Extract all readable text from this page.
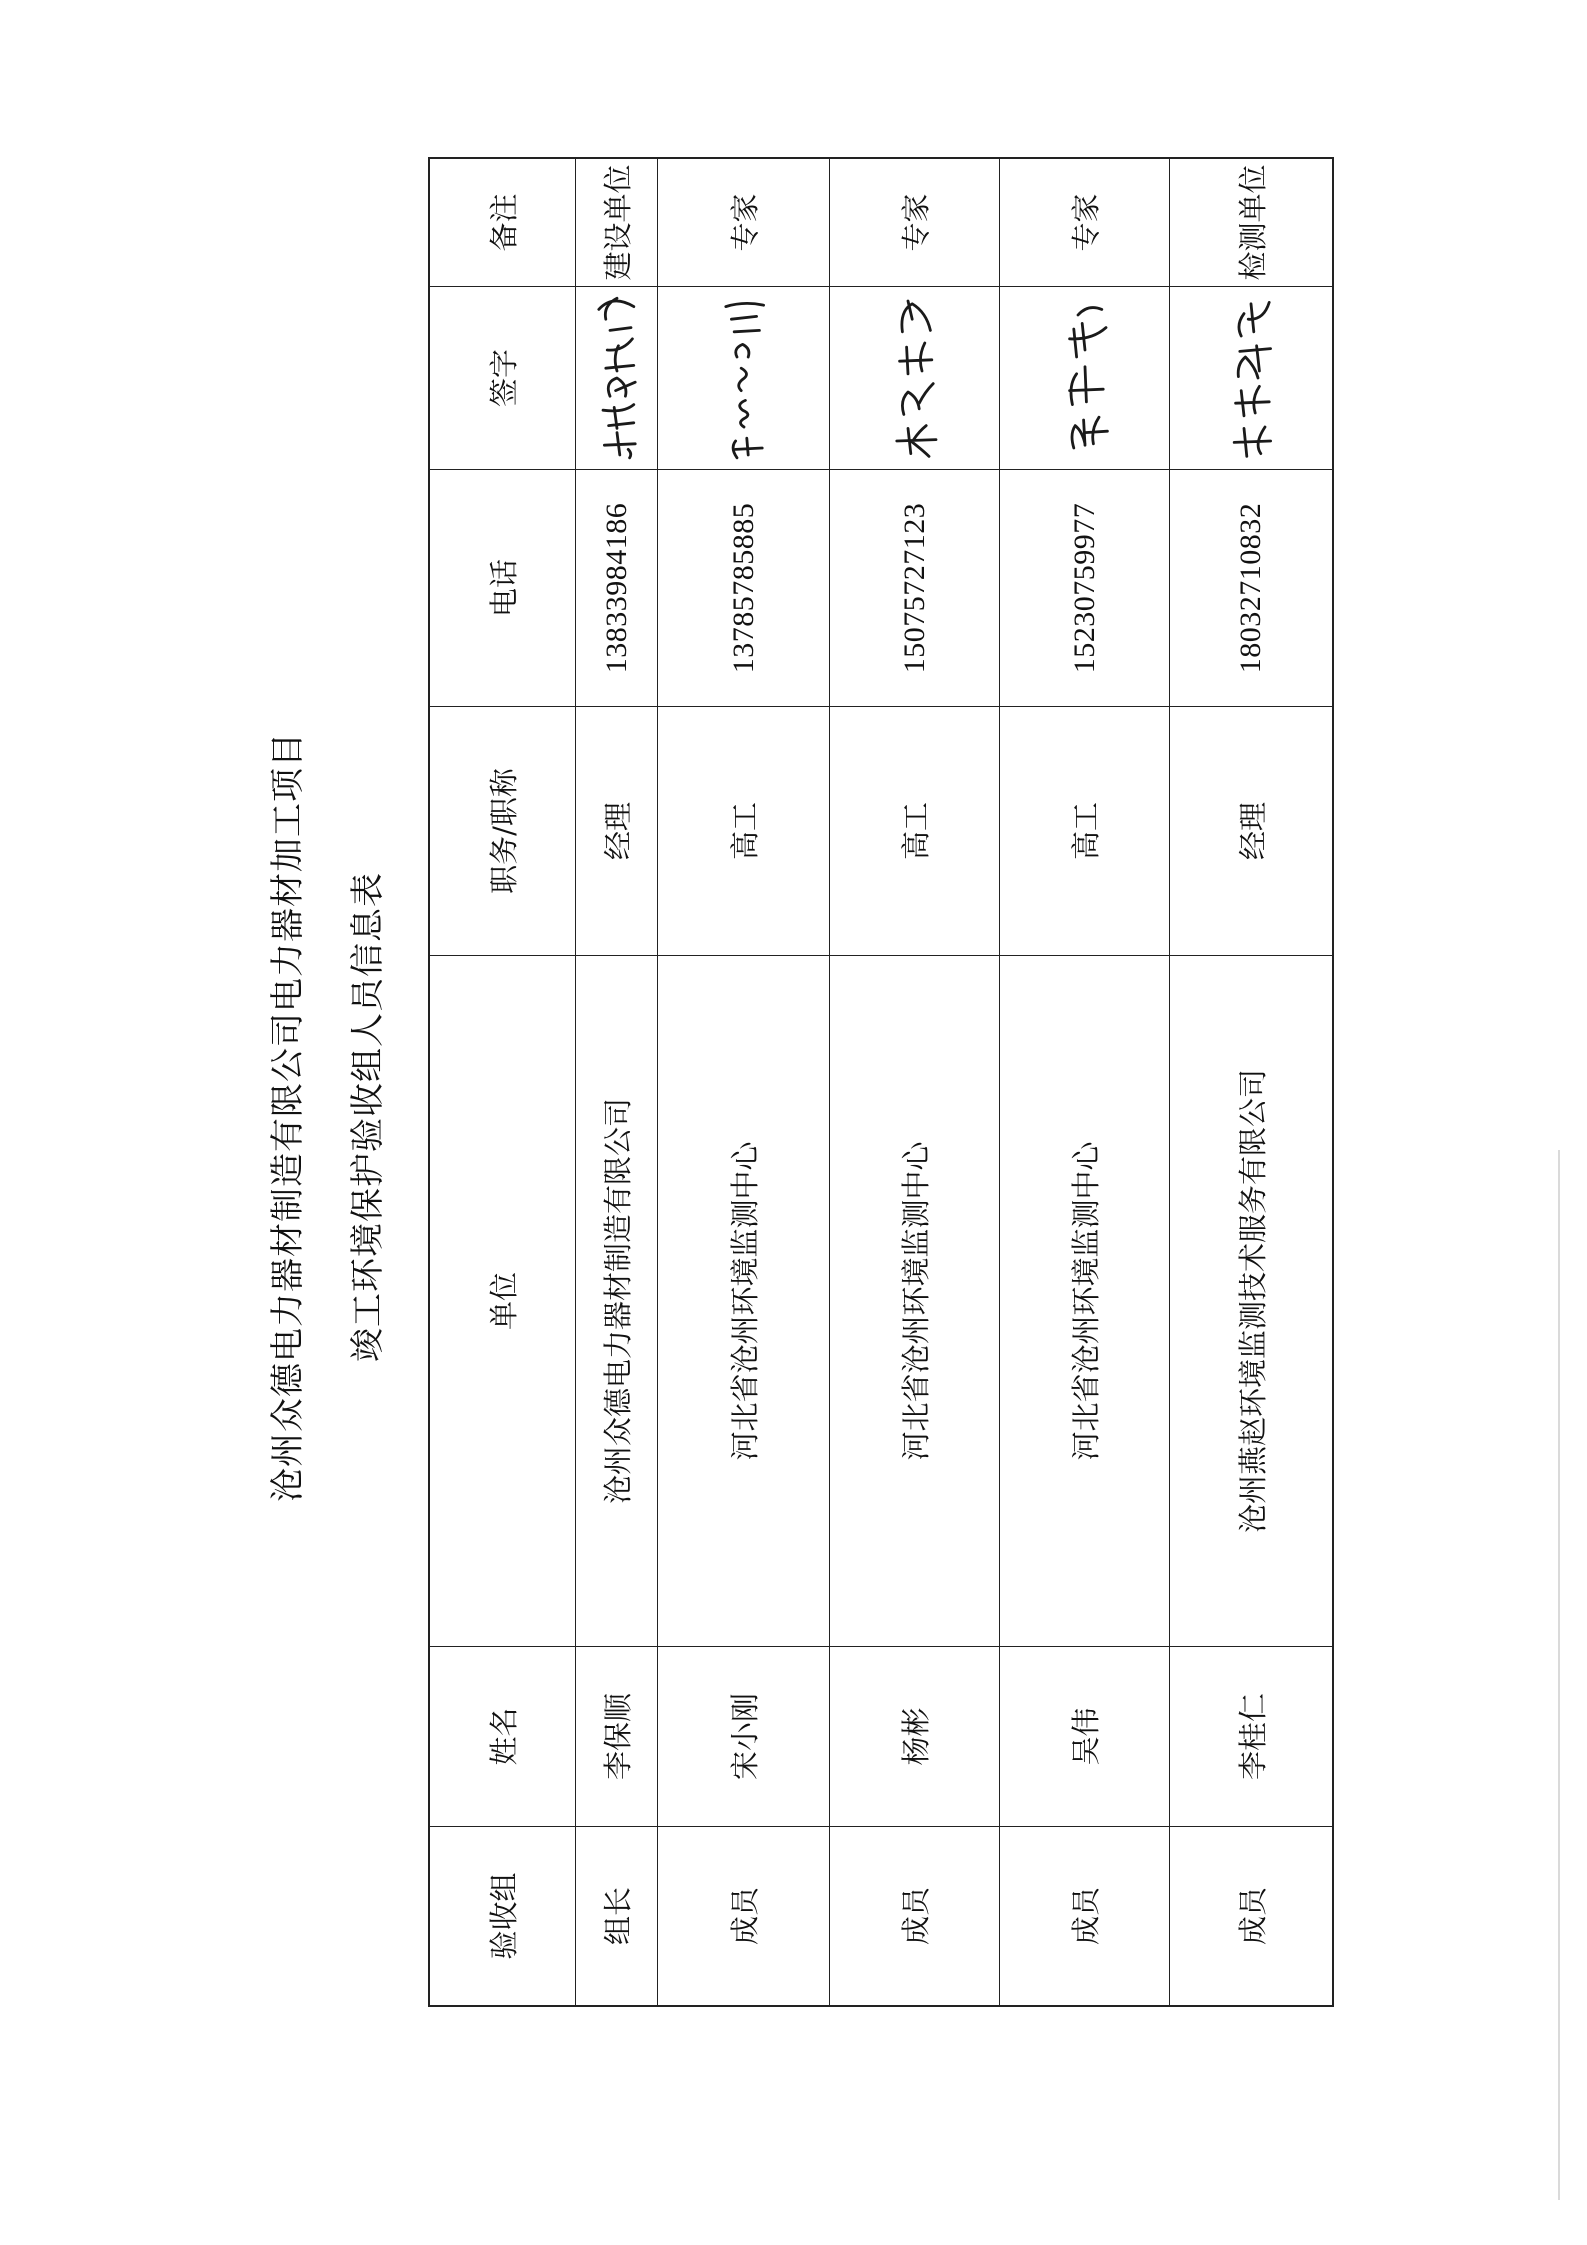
沧州众德电力器材制造有限公司电力器材加工项目 竣工环境保护验收组人员信息表
验收组
姓名
单位
职务/职称
电话
签字
备注
组长
李保顺
沧州众德电力器材制造有限公司
经理
13833984186
建设单位
成员
宋小刚
河北省沧州环境监测中心
高工
13785785885
专家
成员
杨彬
河北省沧州环境监测中心
高工
15075727123
专家
成员
吴伟
河北省沧州环境监测中心
高工
15230759977
专家
成员
李桂仁
沧州燕赵环境监测技术服务有限公司
经理
18032710832
检测单位
